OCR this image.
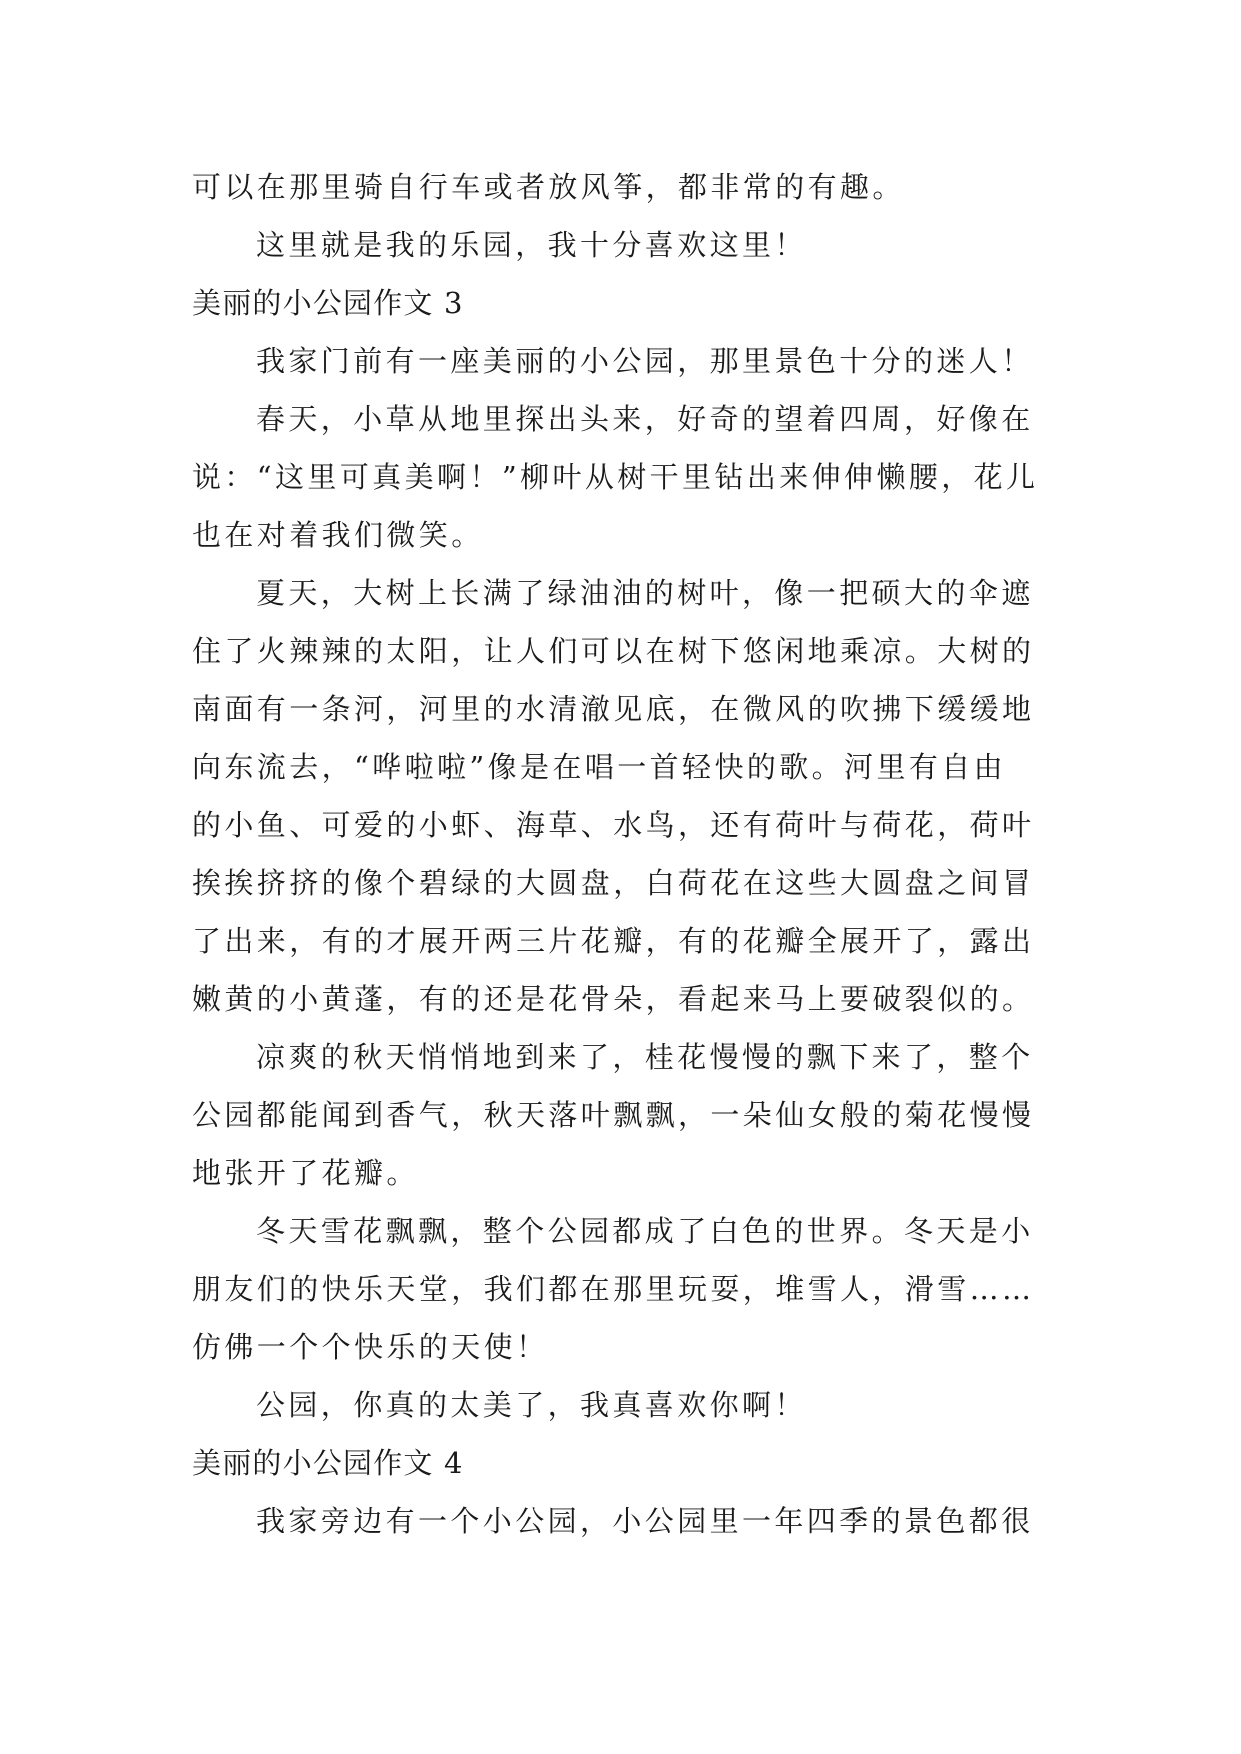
可以在那里骑自行车或者放风筝，都非常的有趣。
这里就是我的乐园，我十分喜欢这里！
美丽的小公园作文 3
我家门前有一座美丽的小公园，那里景色十分的迷人！
春天，小草从地里探出头来，好奇的望着四周，好像在
说：“这里可真美啊！”柳叶从树干里钻出来伸伸懒腰，花儿
也在对着我们微笑。
夏天，大树上长满了绿油油的树叶，像一把硕大的伞遮
住了火辣辣的太阳，让人们可以在树下悠闲地乘凉。大树的
南面有一条河，河里的水清澈见底，在微风的吹拂下缓缓地
向东流去，“哗啦啦”像是在唱一首轻快的歌。河里有自由
的小鱼、可爱的小虾、海草、水鸟，还有荷叶与荷花，荷叶
挨挨挤挤的像个碧绿的大圆盘，白荷花在这些大圆盘之间冒
了出来，有的才展开两三片花瓣，有的花瓣全展开了，露出
嫩黄的小黄蓬，有的还是花骨朵，看起来马上要破裂似的。
凉爽的秋天悄悄地到来了，桂花慢慢的飘下来了，整个
公园都能闻到香气，秋天落叶飘飘，一朵仙女般的菊花慢慢
地张开了花瓣。
冬天雪花飘飘，整个公园都成了白色的世界。冬天是小
朋友们的快乐天堂，我们都在那里玩耍，堆雪人，滑雪……
仿佛一个个快乐的天使！
公园，你真的太美了，我真喜欢你啊！
美丽的小公园作文 4
我家旁边有一个小公园，小公园里一年四季的景色都很
